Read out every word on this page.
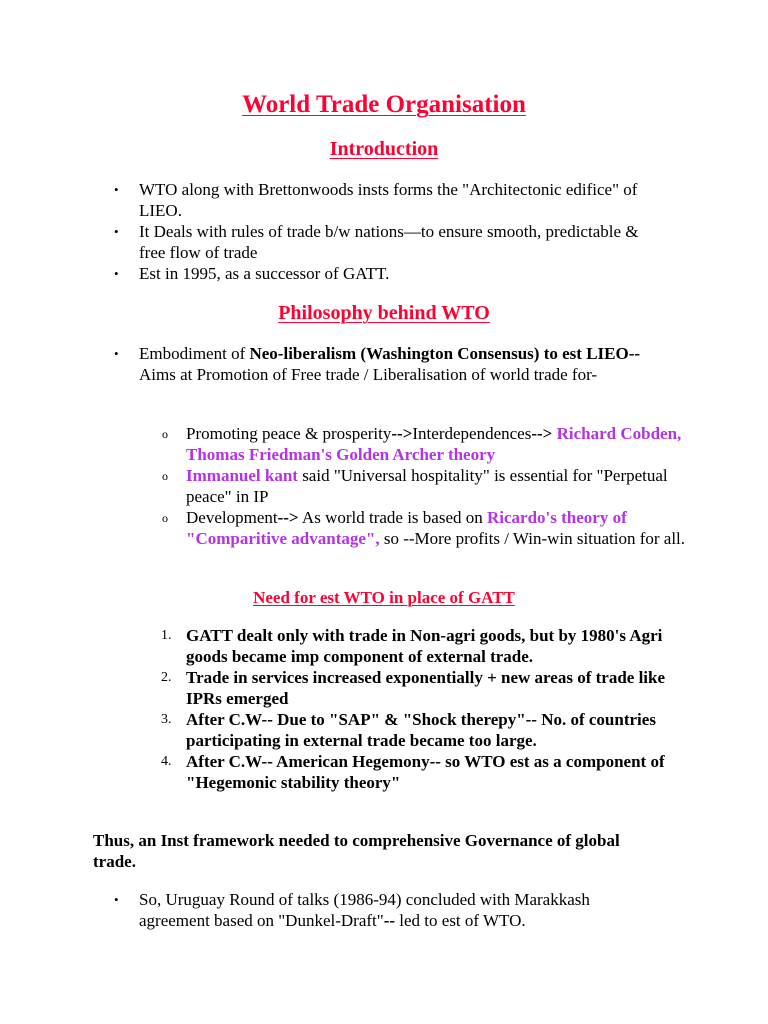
World Trade Organisation
Introduction
• WTO along with Brettonwoods insts forms the "Architectonic edifice" of LIEO.
• It Deals with rules of trade b/w nations—to ensure smooth, predictable & free flow of trade
• Est in 1995, as a successor of GATT.
Philosophy behind WTO
• Embodiment of Neo-liberalism (Washington Consensus) to est LIEO-- Aims at Promotion of Free trade / Liberalisation of world trade for-
o Promoting peace & prosperity-->Interdependences--> Richard Cobden, Thomas Friedman's Golden Archer theory
o Immanuel kant said "Universal hospitality" is essential for "Perpetual peace" in IP
o Development--> As world trade is based on Ricardo's theory of "Comparitive advantage", so --More profits / Win-win situation for all.
Need for est WTO in place of GATT
1. GATT dealt only with trade in Non-agri goods, but by 1980's Agri goods became imp component of external trade.
2. Trade in services increased exponentially + new areas of trade like IPRs emerged
3. After C.W-- Due to "SAP" & "Shock therepy"-- No. of countries participating in external trade became too large.
4. After C.W-- American Hegemony-- so WTO est as a component of "Hegemonic stability theory"
Thus, an Inst framework needed to comprehensive Governance of global trade.
• So, Uruguay Round of talks (1986-94) concluded with Marakkash agreement based on "Dunkel-Draft"-- led to est of WTO.
